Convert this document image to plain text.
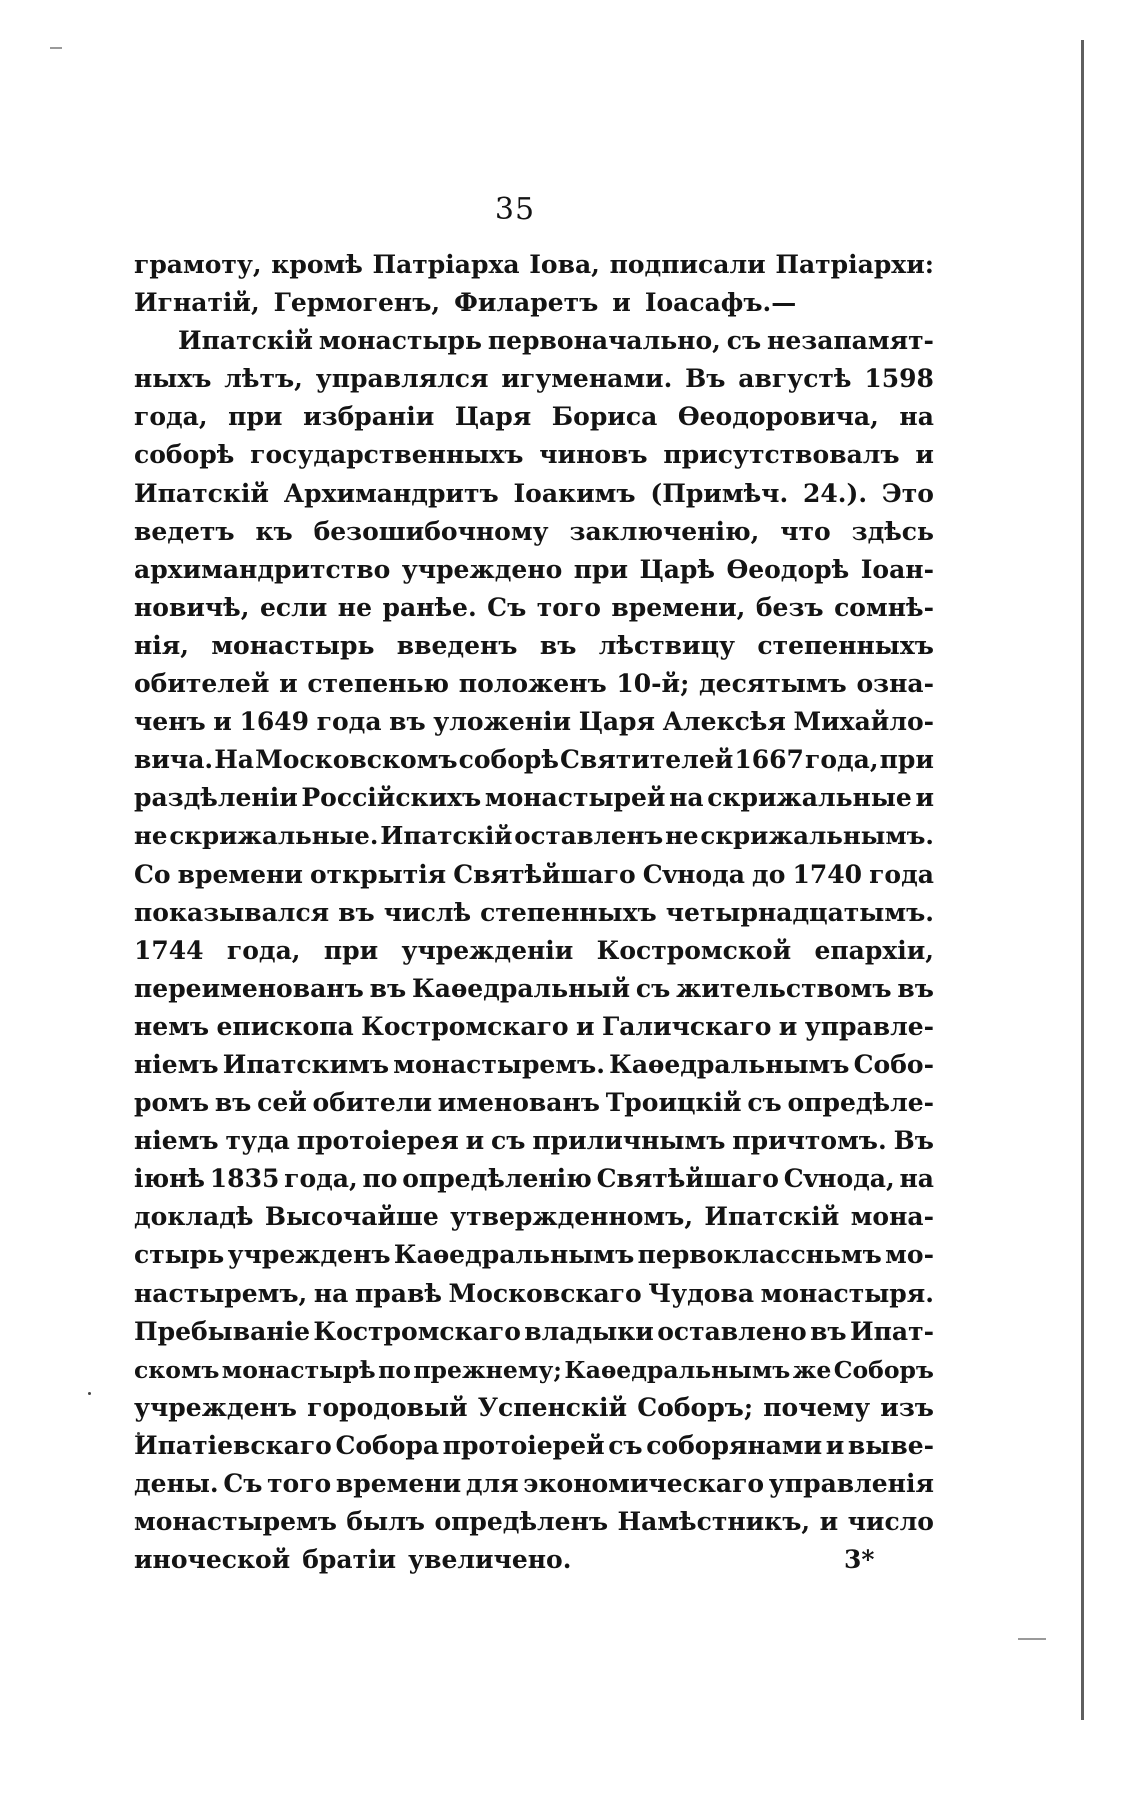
35
грамоту, кромѣ Патріарха Іова, подписали Патріархи:
Игнатій, Гермогенъ, Филаретъ и Іоасафъ.—
Ипатскій монастырь первоначально, съ незапамят-
ныхъ лѣтъ, управлялся игуменами. Въ августѣ 1598
года, при избраніи Царя Бориса Ѳеодоровича, на
соборѣ государственныхъ чиновъ присутствовалъ и
Ипатскій Архимандритъ Іоакимъ (Примѣч. 24.). Это
ведетъ къ безошибочному заключенію, что здѣсь
архимандритство учреждено при Царѣ Ѳеодорѣ Іоан-
новичѣ, если не ранѣе. Съ того времени, безъ сомнѣ-
нія, монастырь введенъ въ лѣствицу степенныхъ
обителей и степенью положенъ 10-й; десятымъ озна-
ченъ и 1649 года въ уложеніи Царя Алексѣя Михайло-
вича. На Московскомъ соборѣ Святителей 1667 года, при
раздѣленіи Россійскихъ монастырей на скрижальные и
не скрижальные. Ипатскій оставленъ не скрижальнымъ.
Со времени открытія Святѣйшаго Сvнода до 1740 года
показывался въ числѣ степенныхъ четырнадцатымъ.
1744 года, при учрежденіи Костромской епархіи,
переименованъ въ Каѳедральный съ жительствомъ въ
немъ епископа Костромскаго и Галичскаго и управле-
ніемъ Ипатскимъ монастыремъ. Каѳедральнымъ Собо-
ромъ въ сей обители именованъ Троицкій съ опредѣле-
ніемъ туда протоіерея и съ приличнымъ причтомъ. Въ
іюнѣ 1835 года, по опредѣленію Святѣйшаго Сvнода, на
докладѣ Высочайше утвержденномъ, Ипатскій мона-
стырь учрежденъ Каѳедральнымъ первоклассньмъ мо-
настыремъ, на правѣ Московскаго Чудова монастыря.
Пребываніе Костромскаго владыки оставлено въ Ипат-
скомъ монастырѣ по прежнему; Каѳедральнымъ же Соборъ
учрежденъ городовый Успенскій Соборъ; почему изъ
Ипатіевскаго Собора протоіерей съ соборянами и выве-
дены. Съ того времени для экономическаго управленія
монастыремъ былъ опредѣленъ Намѣстникъ, и число
иноческой братіи увеличено.	3*
